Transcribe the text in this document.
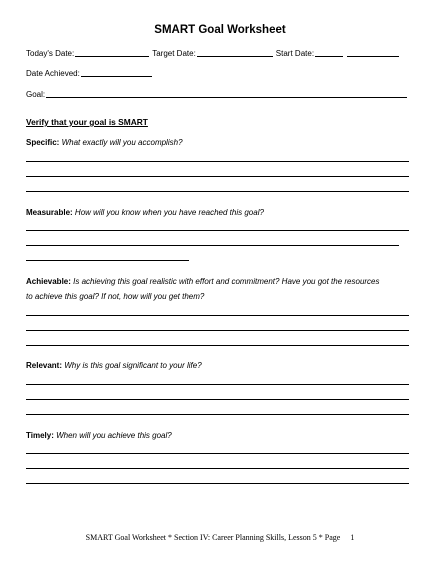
SMART Goal Worksheet
Today's Date:	Target Date:	Start Date:
Date Achieved:
Goal:
Verify that your goal is SMART
Specific: What exactly will you accomplish?
Measurable: How will you know when you have reached this goal?
Achievable: Is achieving this goal realistic with effort and commitment? Have you got the resources
to achieve this goal? If not, how will you get them?
Relevant: Why is this goal significant to your life?
Timely: When will you achieve this goal?
SMART Goal Worksheet * Section IV: Career Planning Skills, Lesson 5 * Page 1
